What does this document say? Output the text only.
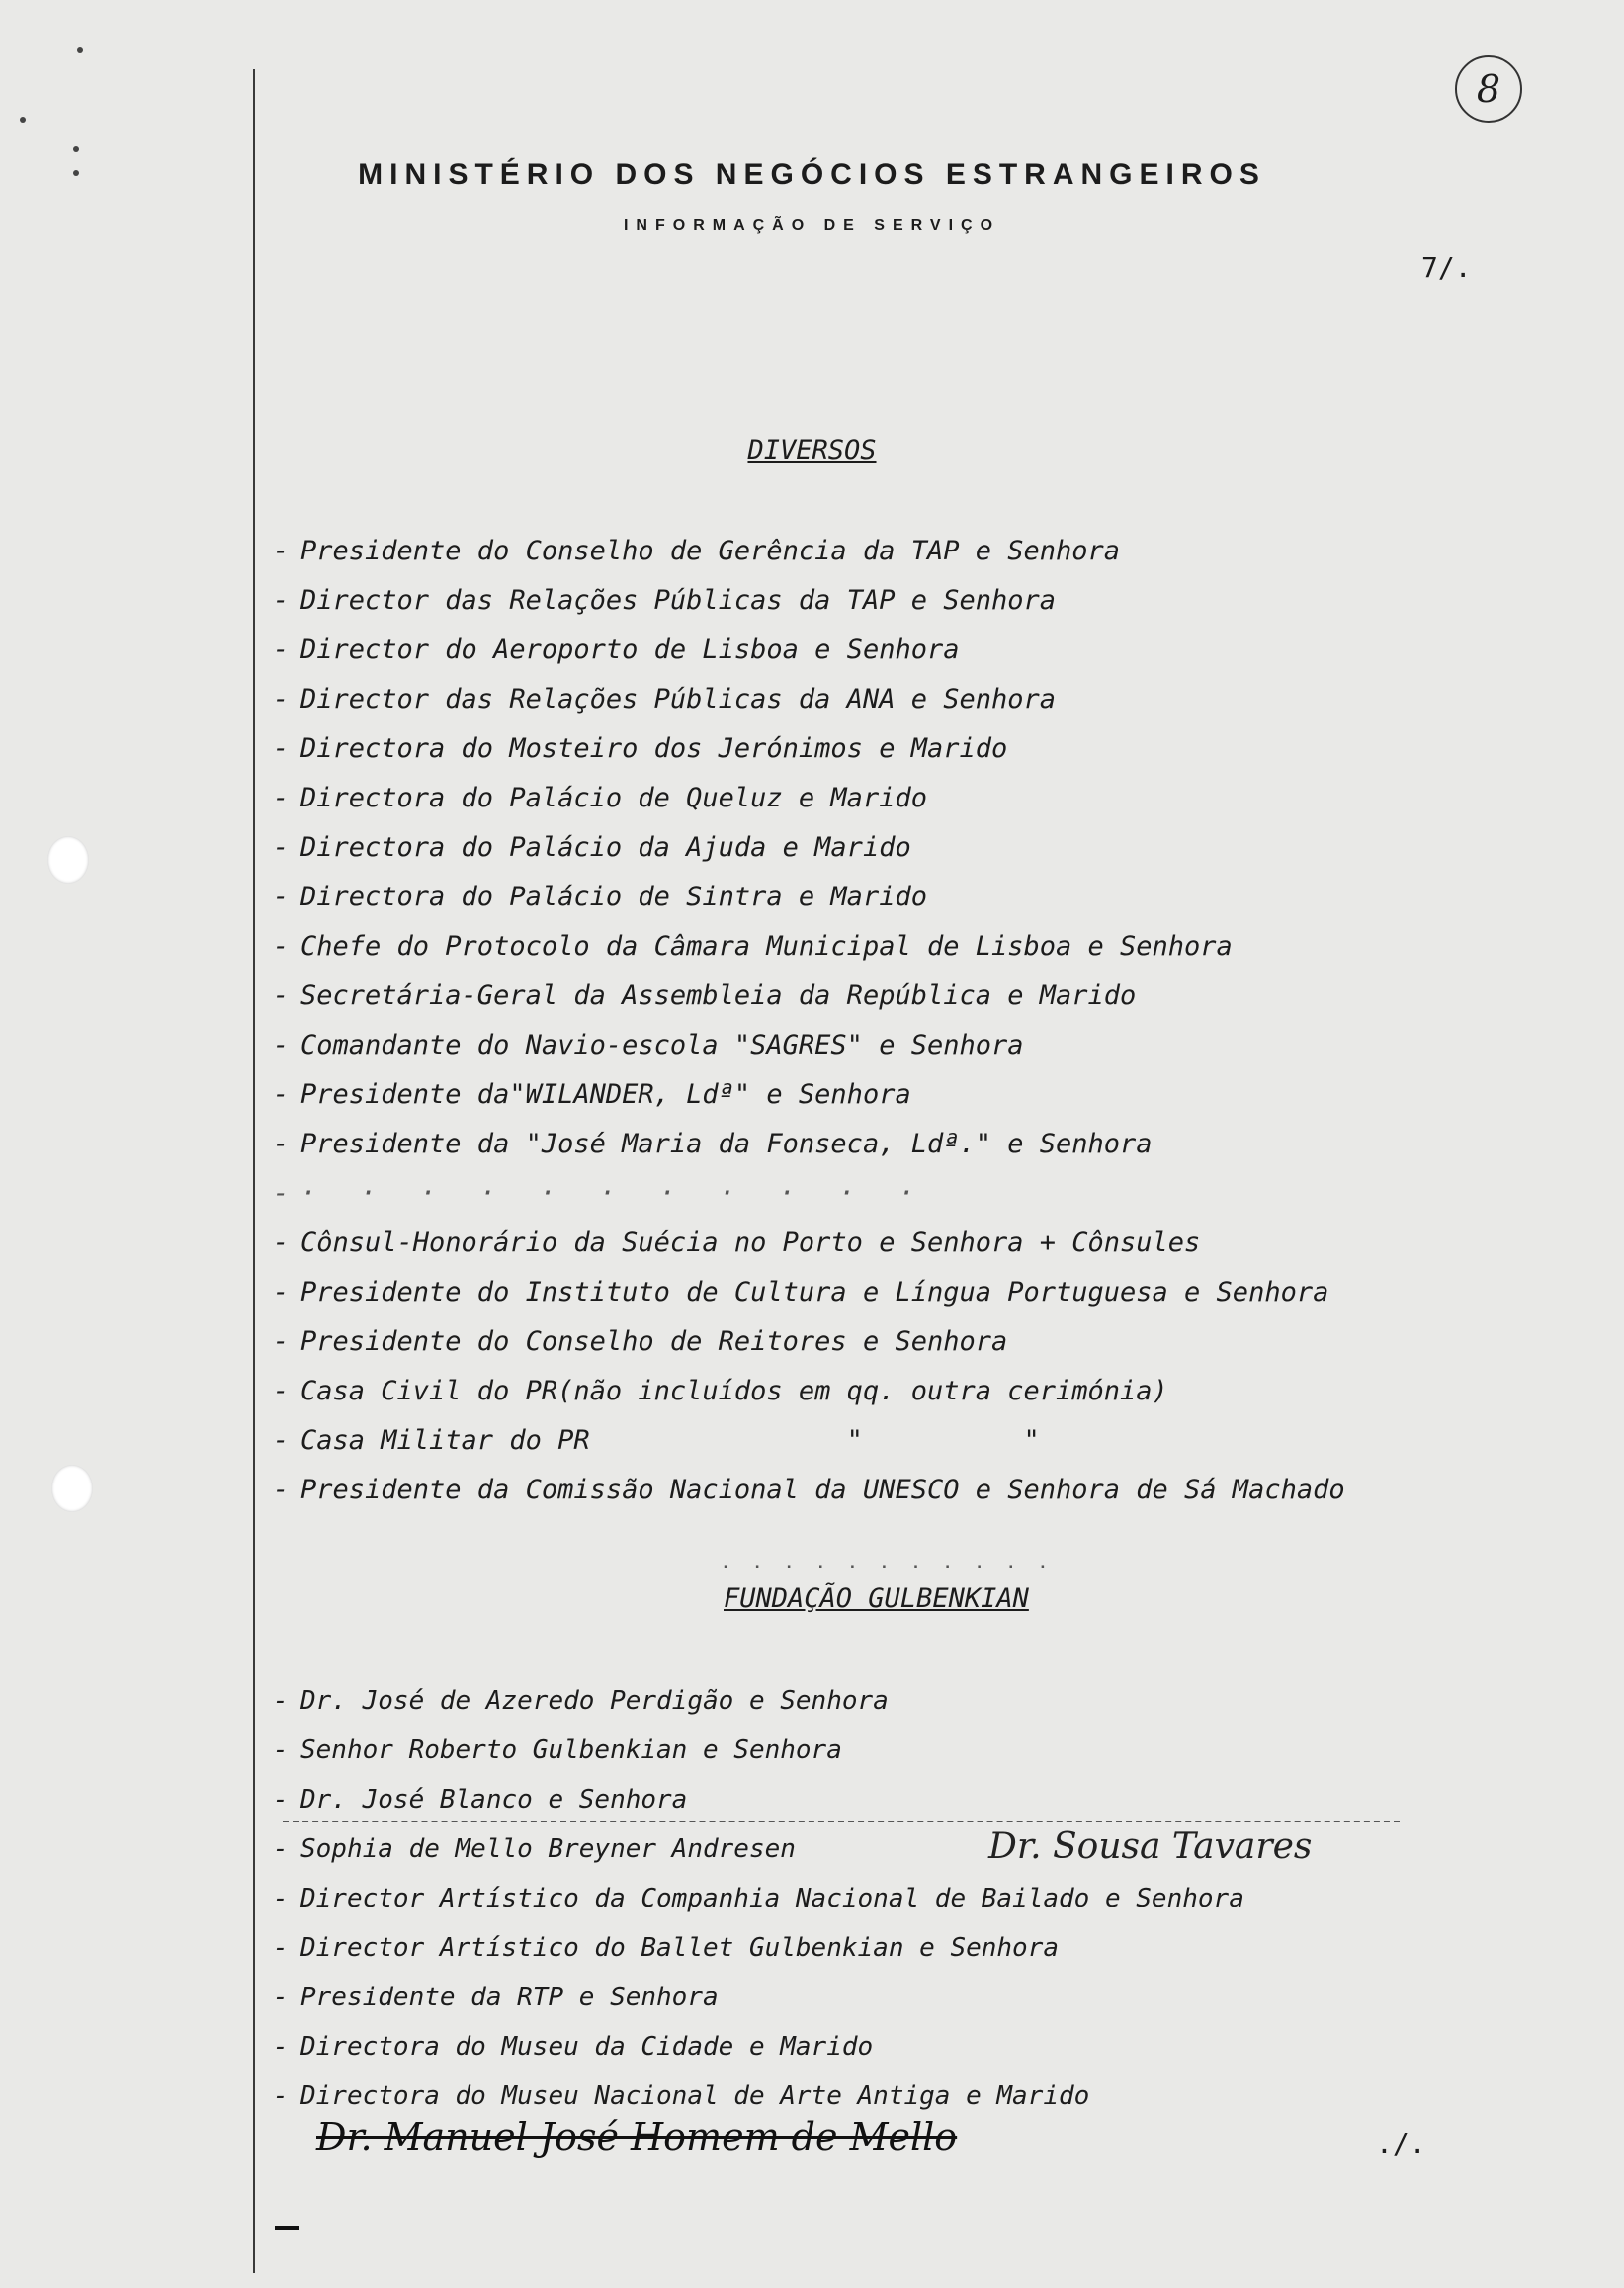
8
MINISTÉRIO DOS NEGÓCIOS ESTRANGEIROS
INFORMAÇÃO DE SERVIÇO
7/.
DIVERSOS
- Presidente do Conselho de Gerência da TAP e Senhora
- Director das Relações Públicas da TAP e Senhora
- Director do Aeroporto de Lisboa e Senhora
- Director das Relações Públicas da ANA e Senhora
- Directora do Mosteiro dos Jerónimos e Marido
- Directora do Palácio de Queluz e Marido
- Directora do Palácio da Ajuda e Marido
- Directora do Palácio de Sintra e Marido
- Chefe do Protocolo da Câmara Municipal de Lisboa e Senhora
- Secretária-Geral da Assembleia da República e Marido
- Comandante do Navio-escola "SAGRES" e Senhora
- Presidente da"WILANDER, Ldª" e Senhora
- Presidente da "José Maria da Fonseca, Ldª." e Senhora
-· · · · · · · · · · ·
- Cônsul-Honorário da Suécia no Porto e Senhora + Cônsules
- Presidente do Instituto de Cultura e Língua Portuguesa e Senhora
- Presidente do Conselho de Reitores e Senhora
- Casa Civil do PR(não incluídos em qq. outra cerimónia)
- Casa Militar do PR                "          "
- Presidente da Comissão Nacional da UNESCO e Senhora de Sá Machado
· · · · · · · · · · ·
FUNDAÇÃO GULBENKIAN
- Dr. José de Azeredo Perdigão e Senhora
- Senhor Roberto Gulbenkian e Senhora
- Dr. José Blanco e Senhora
- Sophia de Mello Breyner Andresen
- Director Artístico da Companhia Nacional de Bailado e Senhora
- Director Artístico do Ballet Gulbenkian e Senhora
- Presidente da RTP e Senhora
- Directora do Museu da Cidade e Marido
- Directora do Museu Nacional de Arte Antiga e Marido
Dr. Sousa Tavares
Dr. Manuel José Homem de Mello	./.
